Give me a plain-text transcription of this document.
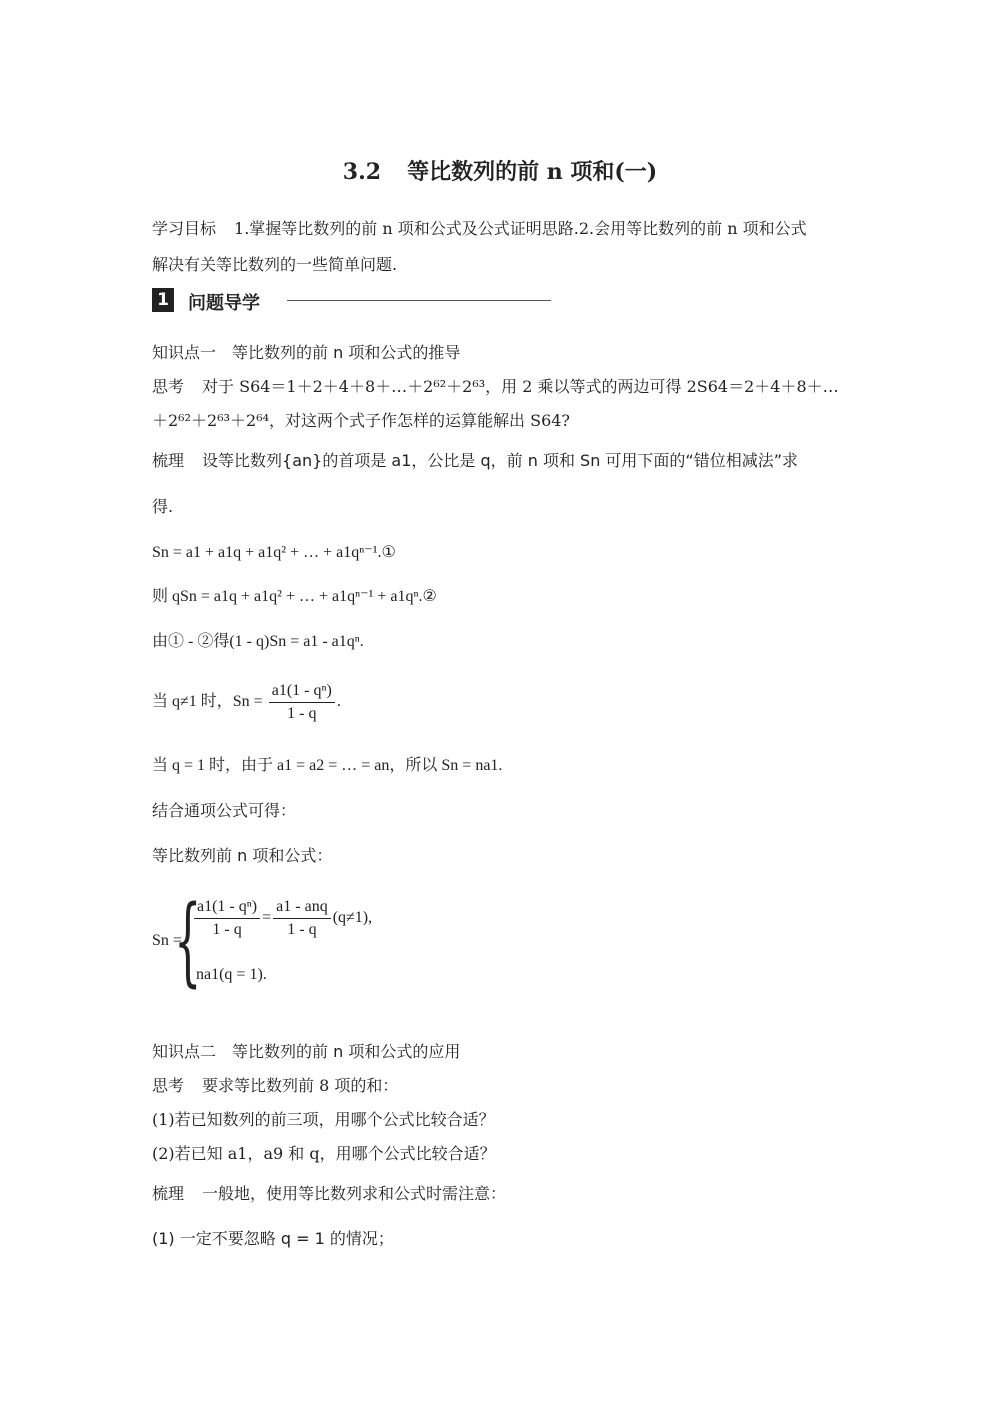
3.2 等比数列的前 n 项和(一)
学习目标 1.掌握等比数列的前 n 项和公式及公式证明思路.2.会用等比数列的前 n 项和公式
解决有关等比数列的一些简单问题.
1 问题导学
知识点一　等比数列的前 n 项和公式的推导
思考 对于 S64＝1＋2＋4＋8＋…＋2⁶²＋2⁶³，用 2 乘以等式的两边可得 2S64＝2＋4＋8＋…
＋2⁶²＋2⁶³＋2⁶⁴，对这两个式子作怎样的运算能解出 S64?
梳理 设等比数列{an}的首项是 a1，公比是 q，前 n 项和 Sn 可用下面的“错位相减法”求
得.
Sn = a1 + a1q + a1q² + … + a1qⁿ⁻¹.①
则 qSn = a1q + a1q² + … + a1qⁿ⁻¹ + a1qⁿ.②
由① - ②得(1 - q)Sn = a1 - a1qⁿ.
当 q≠1 时，$Sn = \frac{\text{a1(1 - qⁿ)}}{1 - q}$ .
当 q = 1 时，由于 a1 = a2 = … = an，所以 Sn = na1.
结合通项公式可得：
等比数列前 n 项和公式：
Sn =
{
$\frac{\text{a1(1 - qⁿ)}}{1 - q} = \frac{\text{a1 - anq}}{1 - q} (q\ne 1)$,
na1(q = 1).
知识点二　等比数列的前 n 项和公式的应用
思考 要求等比数列前 8 项的和：
(1)若已知数列的前三项，用哪个公式比较合适？
(2)若已知 a1，a9 和 q，用哪个公式比较合适？
梳理 一般地，使用等比数列求和公式时需注意：
(1) 一定不要忽略 q = 1 的情况；
